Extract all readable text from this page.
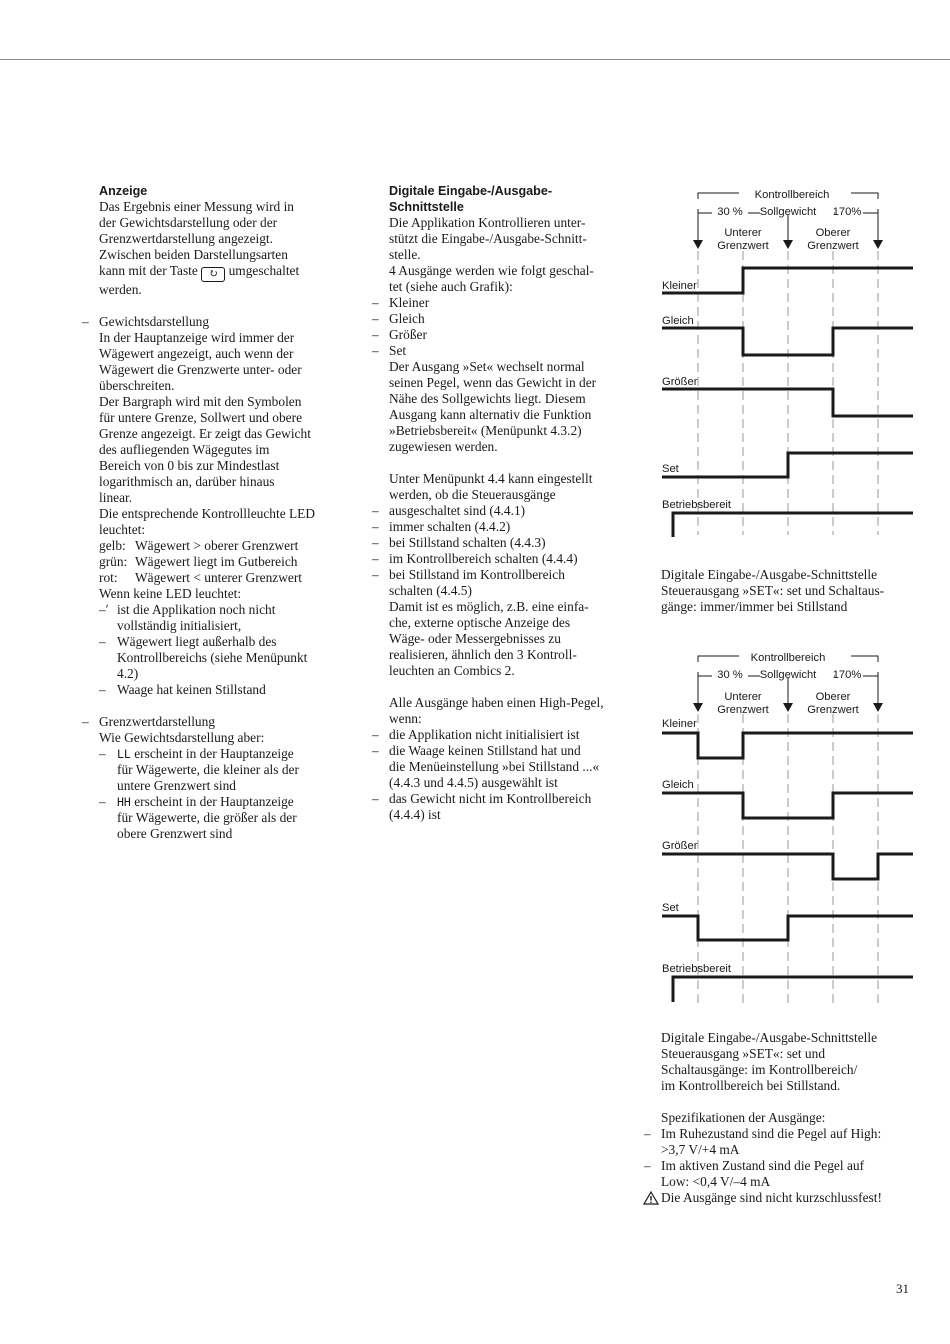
Anzeige

Das Ergebnis einer Messung wird in

der Gewichtsdarstellung oder der

Grenzwertdarstellung angezeigt.

Zwischen beiden Darstellungsarten

kann mit der Taste ↻ umgeschaltet

werden.

– Gewichtsdarstellung

In der Hauptanzeige wird immer der

Wägewert angezeigt, auch wenn der

Wägewert die Grenzwerte unter- oder

überschreiten.

Der Bargraph wird mit den Symbolen

für untere Grenze, Sollwert und obere

Grenze angezeigt. Er zeigt das Gewicht

des aufliegenden Wägegutes im

Bereich von 0 bis zur Mindestlast

logarithmisch an, darüber hinaus

linear.

Die entsprechende Kontrollleuchte LED

leuchtet:

gelb: Wägewert > oberer Grenzwert

grün: Wägewert liegt im Gutbereich

rot: Wägewert < unterer Grenzwert

Wenn keine LED leuchtet:

–ʹ ist die Applikation noch nicht

vollständig initialisiert,

– Wägewert liegt außerhalb des

Kontrollbereichs (siehe Menüpunkt

4.2)

– Waage hat keinen Stillstand

– Grenzwertdarstellung

Wie Gewichtsdarstellung aber:

– LL erscheint in der Hauptanzeige

für Wägewerte, die kleiner als der

untere Grenzwert sind

– HH erscheint in der Hauptanzeige

für Wägewerte, die größer als der

obere Grenzwert sind

Digitale Eingabe-/Ausgabe-

Schnittstelle

Die Applikation Kontrollieren unter-

stützt die Eingabe-/Ausgabe-Schnitt-

stelle.

4 Ausgänge werden wie folgt geschal-

tet (siehe auch Grafik):

– Kleiner

– Gleich

– Größer

– Set

Der Ausgang »Set« wechselt normal

seinen Pegel, wenn das Gewicht in der

Nähe des Sollgewichts liegt. Diesem

Ausgang kann alternativ die Funktion

»Betriebsbereit« (Menüpunkt 4.3.2)

zugewiesen werden.

Unter Menüpunkt 4.4 kann eingestellt

werden, ob die Steuerausgänge

– ausgeschaltet sind (4.4.1)

– immer schalten (4.4.2)

– bei Stillstand schalten (4.4.3)

– im Kontrollbereich schalten (4.4.4)

– bei Stillstand im Kontrollbereich

schalten (4.4.5)

Damit ist es möglich, z.B. eine einfa-

che, externe optische Anzeige des

Wäge- oder Messergebnisses zu

realisieren, ähnlich den 3 Kontroll-

leuchten an Combics 2.

Alle Ausgänge haben einen High-Pegel,

wenn:

– die Applikation nicht initialisiert ist

– die Waage keinen Stillstand hat und

die Menüeinstellung »bei Stillstand ...«

(4.4.3 und 4.4.5) ausgewählt ist

– das Gewicht nicht im Kontrollbereich

(4.4.4) ist

Kontrollbereich
30 % Sollgewicht 170%
Unterer
Grenzwert
Oberer
Grenzwert
Kleiner
Gleich
Größer
Set
Betriebsbereit

Digitale Eingabe-/Ausgabe-Schnittstelle

Steuerausgang »SET«: set und Schaltaus-

gänge: immer/immer bei Stillstand

Kontrollbereich
30 % Sollgewicht 170%
Unterer
Grenzwert
Oberer
Grenzwert
Kleiner
Gleich
Größer
Set
Betriebsbereit

Digitale Eingabe-/Ausgabe-Schnittstelle

Steuerausgang »SET«: set und

Schaltausgänge: im Kontrollbereich/

im Kontrollbereich bei Stillstand.

Spezifikationen der Ausgänge:

– Im Ruhezustand sind die Pegel auf High:

>3,7 V/+4 mA

– Im aktiven Zustand sind die Pegel auf

Low: <0,4 V/–4 mA

Die Ausgänge sind nicht kurzschlussfest!

31
